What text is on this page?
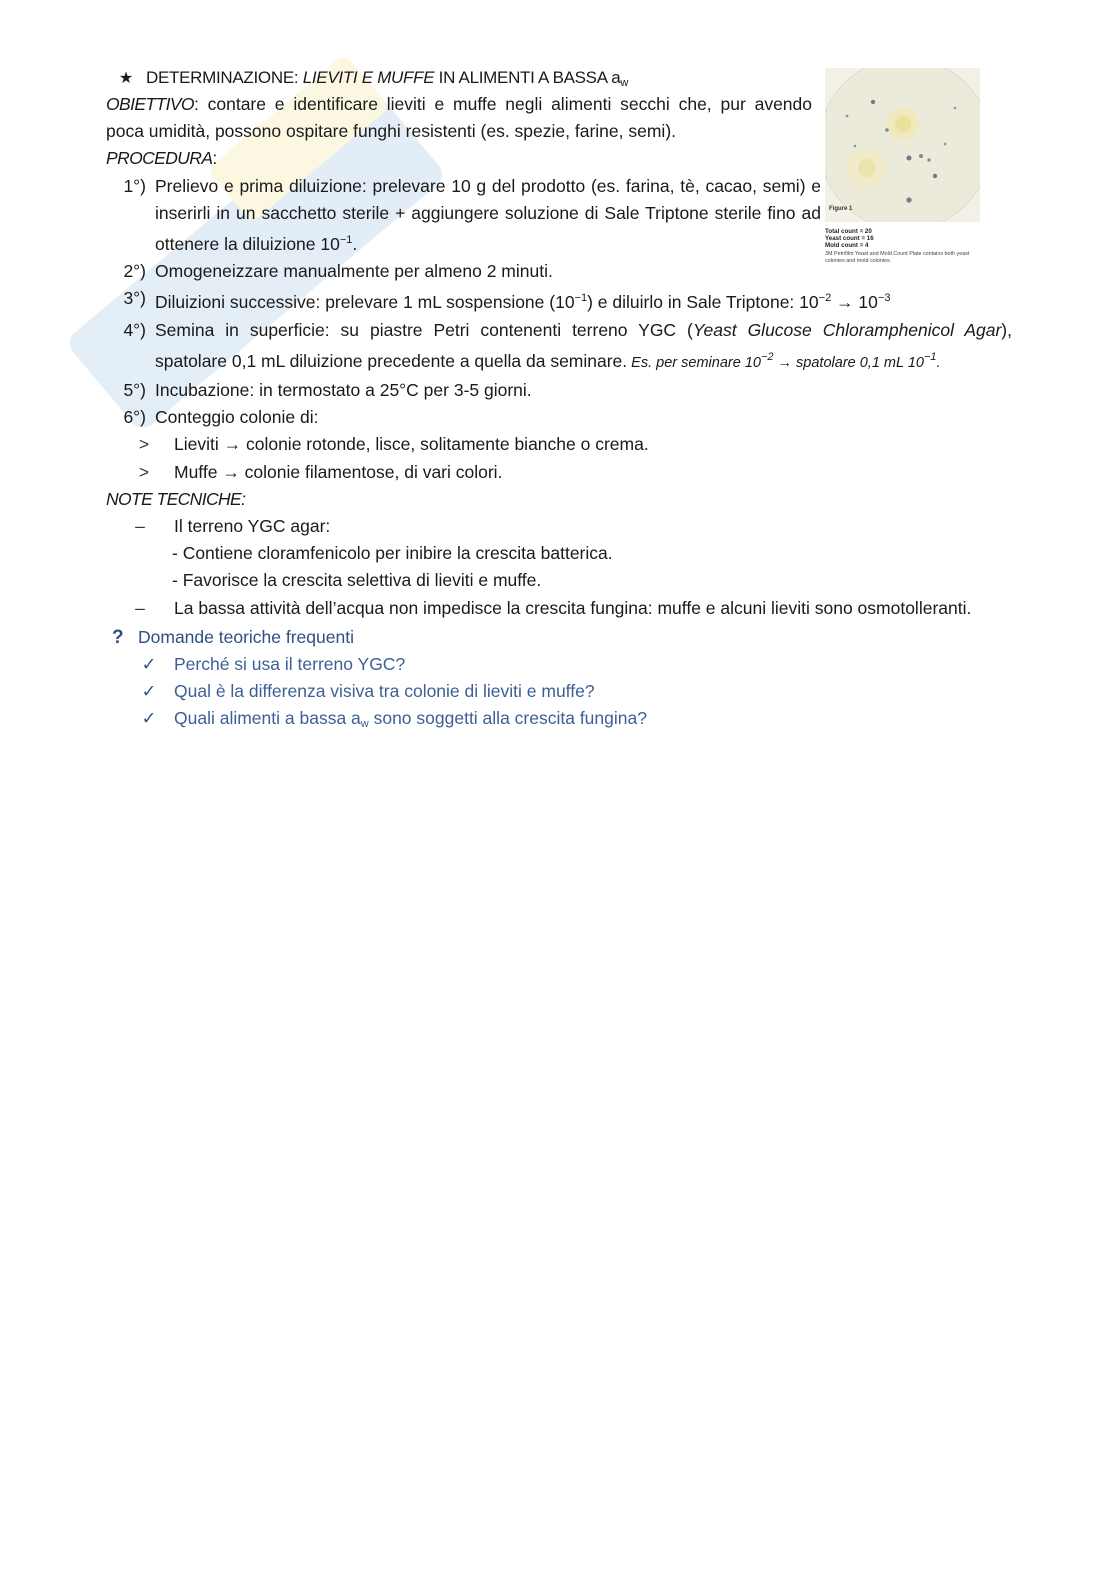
Figure 1
Total count = 20
Yeast count = 16
Mold count = 4
3M Petrifilm Yeast and Mold Count Plate contains both yeast colonies and mold colonies.
★ DETERMINAZIONE: LIEVITI E MUFFE IN ALIMENTI A BASSA $a_w$
OBIETTIVO: contare e identificare lieviti e muffe negli alimenti secchi che, pur avendo
poca umidità, possono ospitare funghi resistenti (es. spezie, farine, semi).
PROCEDURA:
1°) Prelievo e prima diluizione: prelevare 10 g del prodotto (es. farina, tè, cacao, semi) e inserirli in un sacchetto sterile + aggiungere soluzione di Sale Triptone sterile fino ad ottenere la diluizione $10^{-1}$.
2°) Omogeneizzare manualmente per almeno 2 minuti.
3°) Diluizioni successive: prelevare 1 mL sospensione $(10^{-1})$ e diluirlo in Sale Triptone: $10^{-2} \to 10^{-3}$
4°) Semina in superficie: su piastre Petri contenenti terreno YGC (Yeast Glucose Chloramphenicol Agar), spatolare 0,1 mL diluizione precedente a quella da seminare. Es. per seminare $10^{-2}$ → spatolare 0,1 mL $10^{-1}$.
5°) Incubazione: in termostato a 25°C per 3-5 giorni.
6°) Conteggio colonie di:
>	Lieviti → colonie rotonde, lisce, solitamente bianche o crema.
>	Muffe → colonie filamentose, di vari colori.
NOTE TECNICHE:
–	Il terreno YGC agar:
- Contiene cloramfenicolo per inibire la crescita batterica.
- Favorisce la crescita selettiva di lieviti e muffe.
–	La bassa attività dell’acqua non impedisce la crescita fungina: muffe e alcuni lieviti sono osmotolleranti.
? Domande teoriche frequenti
✓	Perché si usa il terreno YGC?
✓	Qual è la differenza visiva tra colonie di lieviti e muffe?
✓	Quali alimenti a bassa $a_w$ sono soggetti alla crescita fungina?
